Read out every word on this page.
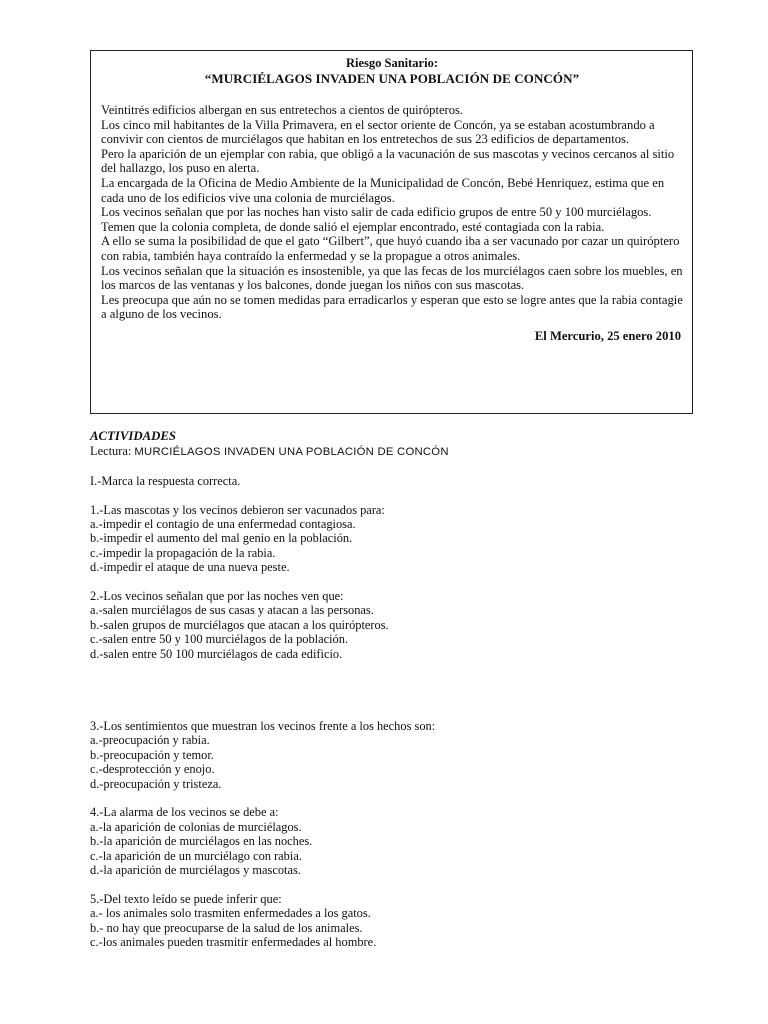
Riesgo Sanitario:
“MURCIÉLAGOS INVADEN UNA POBLACIÓN DE CONCÓN”

Veintitrés edificios albergan en sus entretechos a cientos de quirópteros.

Los cinco mil habitantes de la Villa Primavera, en el sector oriente de Concón, ya se estaban acostumbrando a convivir con cientos de murciélagos que habitan en los entretechos de sus 23 edificios de departamentos.

Pero la aparición de un ejemplar con rabia, que obligó a la vacunación de sus mascotas y vecinos cercanos al sitio del hallazgo, los puso en alerta.

La encargada de la Oficina de Medio Ambiente de la Municipalidad de Concón, Bebé Henriquez, estima que en cada uno de los edificios vive una colonia de murciélagos.

Los vecinos señalan que por las noches han visto salir de cada edificio grupos de entre 50 y 100 murciélagos.

Temen que la colonia completa, de donde salió el ejemplar encontrado, esté contagiada con la rabia.

A ello se suma la posibilidad de que el gato “Gilbert”, que huyó cuando iba a ser vacunado por cazar un quiróptero con rabia, también haya contraído la enfermedad y se la propague a otros animales.

Los vecinos señalan que la situación es insostenible, ya que las fecas de los murciélagos caen sobre los muebles, en los marcos de las ventanas y los balcones, donde juegan los niños con sus mascotas.

Les preocupa que aún no se tomen medidas para erradicarlos y esperan que esto se logre antes que la rabia contagie a alguno de los vecinos.

El Mercurio, 25 enero 2010
ACTIVIDADES
Lectura: MURCIÉLAGOS INVADEN UNA POBLACIÓN DE CONCÓN
I.-Marca la respuesta correcta.
1.-Las mascotas y los vecinos debieron ser vacunados para:
a.-impedir el contagio de una enfermedad contagiosa.
b.-impedir el aumento del mal genio en la población.
c.-impedir la propagación de la rabia.
d.-impedir el ataque de una nueva peste.
2.-Los vecinos señalan que por las noches ven que:
a.-salen murciélagos de sus casas y atacan a las personas.
b.-salen grupos de murciélagos que atacan a los quirópteros.
c.-salen entre 50 y 100 murciélagos de la población.
d.-salen entre 50 100 murciélagos de cada edificio.
3.-Los sentimientos que muestran los vecinos frente a los hechos son:
a.-preocupación y rabia.
b.-preocupación y temor.
c.-desprotección y enojo.
d.-preocupación y tristeza.
4.-La alarma de los vecinos se debe a:
a.-la aparición de colonias de murciélagos.
b.-la aparición de murciélagos en las noches.
c.-la aparición de un murciélago con rabia.
d.-la aparición de murciélagos y mascotas.
5.-Del texto leído se puede inferir que:
a.- los animales solo trasmiten enfermedades a los gatos.
b.- no hay que preocuparse de la salud de los animales.
c.-los animales pueden trasmitir enfermedades al hombre.
